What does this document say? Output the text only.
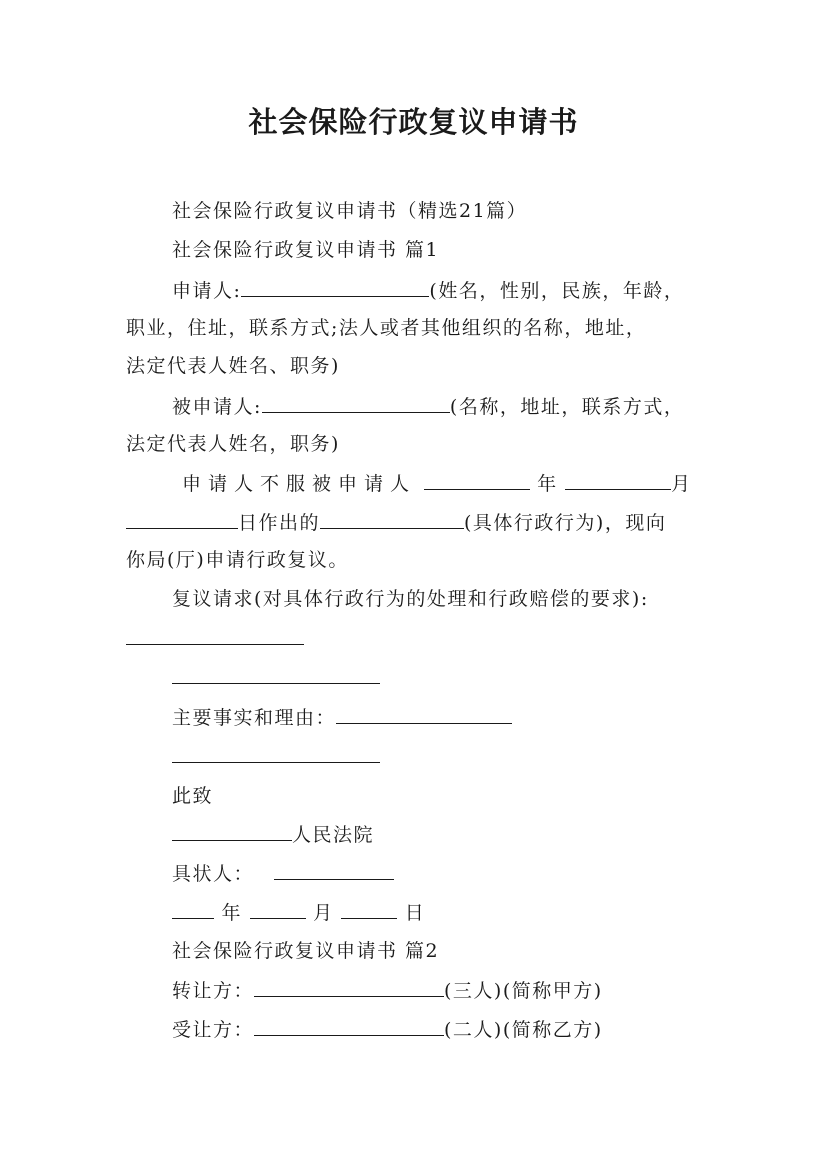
社会保险行政复议申请书
社会保险行政复议申请书（精选21篇）
社会保险行政复议申请书 篇1
申请人:	(姓名，性别，民族，年龄，
职业，住址，联系方式;法人或者其他组织的名称，地址，
法定代表人姓名、职务)
被申请人:	(名称，地址，联系方式，
法定代表人姓名，职务)
申请人不服被申请人	年	月
日作出的	(具体行政行为)，现向
你局(厅)申请行政复议。
复议请求(对具体行政行为的处理和行政赔偿的要求):
主要事实和理由：
此致
人民法院
具状人：
年	月	日
社会保险行政复议申请书 篇2
转让方：	(三人)(简称甲方)
受让方：	(二人)(简称乙方)
